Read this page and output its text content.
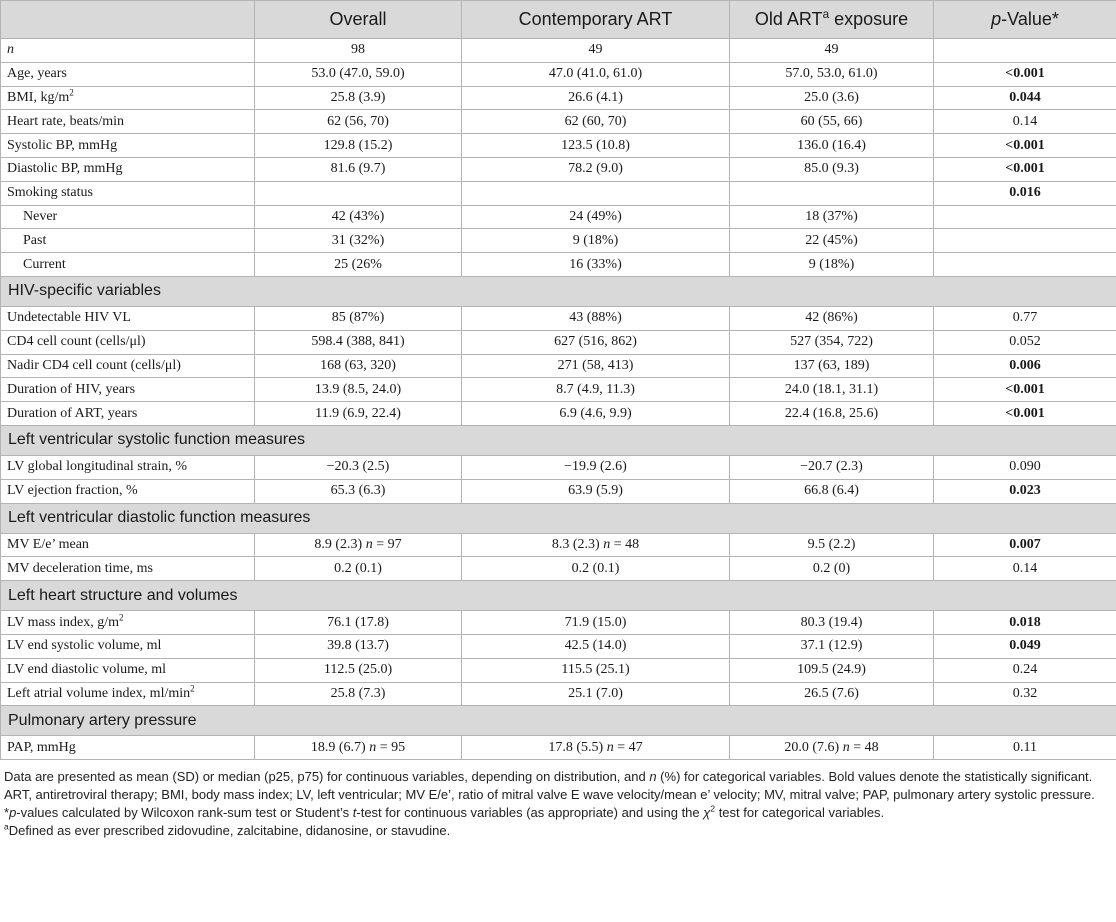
	Overall	Contemporary ART	Old ART$^a$ exposure	p-Value*
n	98	49	49	
Age, years	53.0 (47.0, 59.0)	47.0 (41.0, 61.0)	57.0, 53.0, 61.0)	<0.001
BMI, $kg/m^2$	25.8 (3.9)	26.6 (4.1)	25.0 (3.6)	0.044
Heart rate, beats/min	62 (56, 70)	62 (60, 70)	60 (55, 66)	0.14
Systolic BP, mmHg	129.8 (15.2)	123.5 (10.8)	136.0 (16.4)	<0.001
Diastolic BP, mmHg	81.6 (9.7)	78.2 (9.0)	85.0 (9.3)	<0.001
Smoking status				0.016
Never	42 (43%)	24 (49%)	18 (37%)	
Past	31 (32%)	9 (18%)	22 (45%)	
Current	25 (26%	16 (33%)	9 (18%)	
HIV-specific variables				
Undetectable HIV VL	85 (87%)	43 (88%)	42 (86%)	0.77
CD4 cell count (cells/μl)	598.4 (388, 841)	627 (516, 862)	527 (354, 722)	0.052
Nadir CD4 cell count (cells/μl)	168 (63, 320)	271 (58, 413)	137 (63, 189)	0.006
Duration of HIV, years	13.9 (8.5, 24.0)	8.7 (4.9, 11.3)	24.0 (18.1, 31.1)	<0.001
Duration of ART, years	11.9 (6.9, 22.4)	6.9 (4.6, 9.9)	22.4 (16.8, 25.6)	<0.001
Left ventricular systolic function measures				
LV global longitudinal strain, %	−20.3 (2.5)	−19.9 (2.6)	−20.7 (2.3)	0.090
LV ejection fraction, %	65.3 (6.3)	63.9 (5.9)	66.8 (6.4)	0.023
Left ventricular diastolic function measures				
MV E/e’ mean	8.9 (2.3) n = 97	8.3 (2.3) n = 48	9.5 (2.2)	0.007
MV deceleration time, ms	0.2 (0.1)	0.2 (0.1)	0.2 (0)	0.14
Left heart structure and volumes				
LV mass index, $g/m^2$	76.1 (17.8)	71.9 (15.0)	80.3 (19.4)	0.018
LV end systolic volume, ml	39.8 (13.7)	42.5 (14.0)	37.1 (12.9)	0.049
LV end diastolic volume, ml	112.5 (25.0)	115.5 (25.1)	109.5 (24.9)	0.24
Left atrial volume index, $ml/\min^2$	25.8 (7.3)	25.1 (7.0)	26.5 (7.6)	0.32
Pulmonary artery pressure				
PAP, mmHg	18.9 (6.7) n = 95	17.8 (5.5) n = 47	20.0 (7.6) n = 48	0.11

Data are presented as mean (SD) or median (p25, p75) for continuous variables, depending on distribution, and n (%) for categorical variables. Bold values denote the statistically significant.

ART, antiretroviral therapy; BMI, body mass index; LV, left ventricular; MV E/e’, ratio of mitral valve E wave velocity/mean e’ velocity; MV, mitral valve; PAP, pulmonary artery systolic pressure.

*p-values calculated by Wilcoxon rank-sum test or Student’s t-test for continuous variables (as appropriate) and using the $\chi^2$ test for categorical variables.

$^a$Defined as ever prescribed zidovudine, zalcitabine, didanosine, or stavudine.
